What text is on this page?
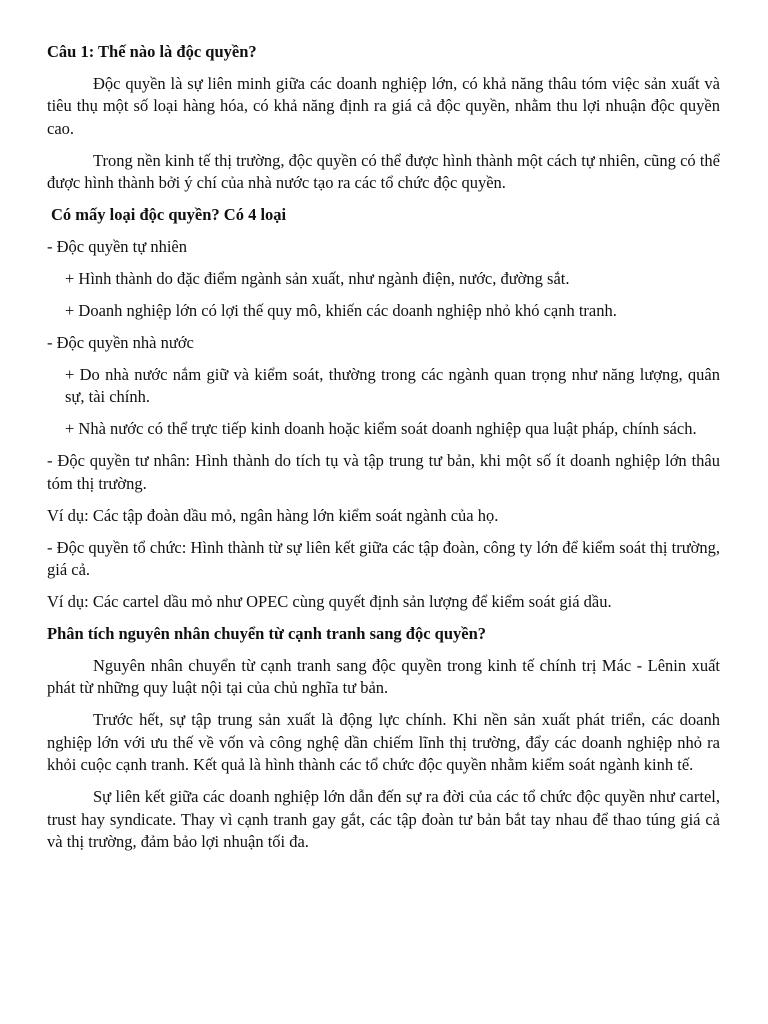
Câu 1: Thế nào là độc quyền?
Độc quyền là sự liên minh giữa các doanh nghiệp lớn, có khả năng thâu tóm việc sản xuất và tiêu thụ một số loại hàng hóa, có khả năng định ra giá cả độc quyền, nhằm thu lợi nhuận độc quyền cao.
Trong nền kinh tế thị trường, độc quyền có thể được hình thành một cách tự nhiên, cũng có thể được hình thành bởi ý chí của nhà nước tạo ra các tổ chức độc quyền.
Có mấy loại độc quyền? Có 4 loại
- Độc quyền tự nhiên
+ Hình thành do đặc điểm ngành sản xuất, như ngành điện, nước, đường sắt.
+ Doanh nghiệp lớn có lợi thế quy mô, khiến các doanh nghiệp nhỏ khó cạnh tranh.
- Độc quyền nhà nước
+ Do nhà nước nắm giữ và kiểm soát, thường trong các ngành quan trọng như năng lượng, quân sự, tài chính.
+ Nhà nước có thể trực tiếp kinh doanh hoặc kiểm soát doanh nghiệp qua luật pháp, chính sách.
- Độc quyền tư nhân: Hình thành do tích tụ và tập trung tư bản, khi một số ít doanh nghiệp lớn thâu tóm thị trường.
Ví dụ: Các tập đoàn dầu mỏ, ngân hàng lớn kiểm soát ngành của họ.
- Độc quyền tổ chức: Hình thành từ sự liên kết giữa các tập đoàn, công ty lớn để kiểm soát thị trường, giá cả.
Ví dụ: Các cartel dầu mỏ như OPEC cùng quyết định sản lượng để kiểm soát giá dầu.
Phân tích nguyên nhân chuyển từ cạnh tranh sang độc quyền?
Nguyên nhân chuyển từ cạnh tranh sang độc quyền trong kinh tế chính trị Mác - Lênin xuất phát từ những quy luật nội tại của chủ nghĩa tư bản.
Trước hết, sự tập trung sản xuất là động lực chính. Khi nền sản xuất phát triển, các doanh nghiệp lớn với ưu thế về vốn và công nghệ dần chiếm lĩnh thị trường, đẩy các doanh nghiệp nhỏ ra khỏi cuộc cạnh tranh. Kết quả là hình thành các tổ chức độc quyền nhằm kiểm soát ngành kinh tế.
Sự liên kết giữa các doanh nghiệp lớn dẫn đến sự ra đời của các tổ chức độc quyền như cartel, trust hay syndicate. Thay vì cạnh tranh gay gắt, các tập đoàn tư bản bắt tay nhau để thao túng giá cả và thị trường, đảm bảo lợi nhuận tối đa.
